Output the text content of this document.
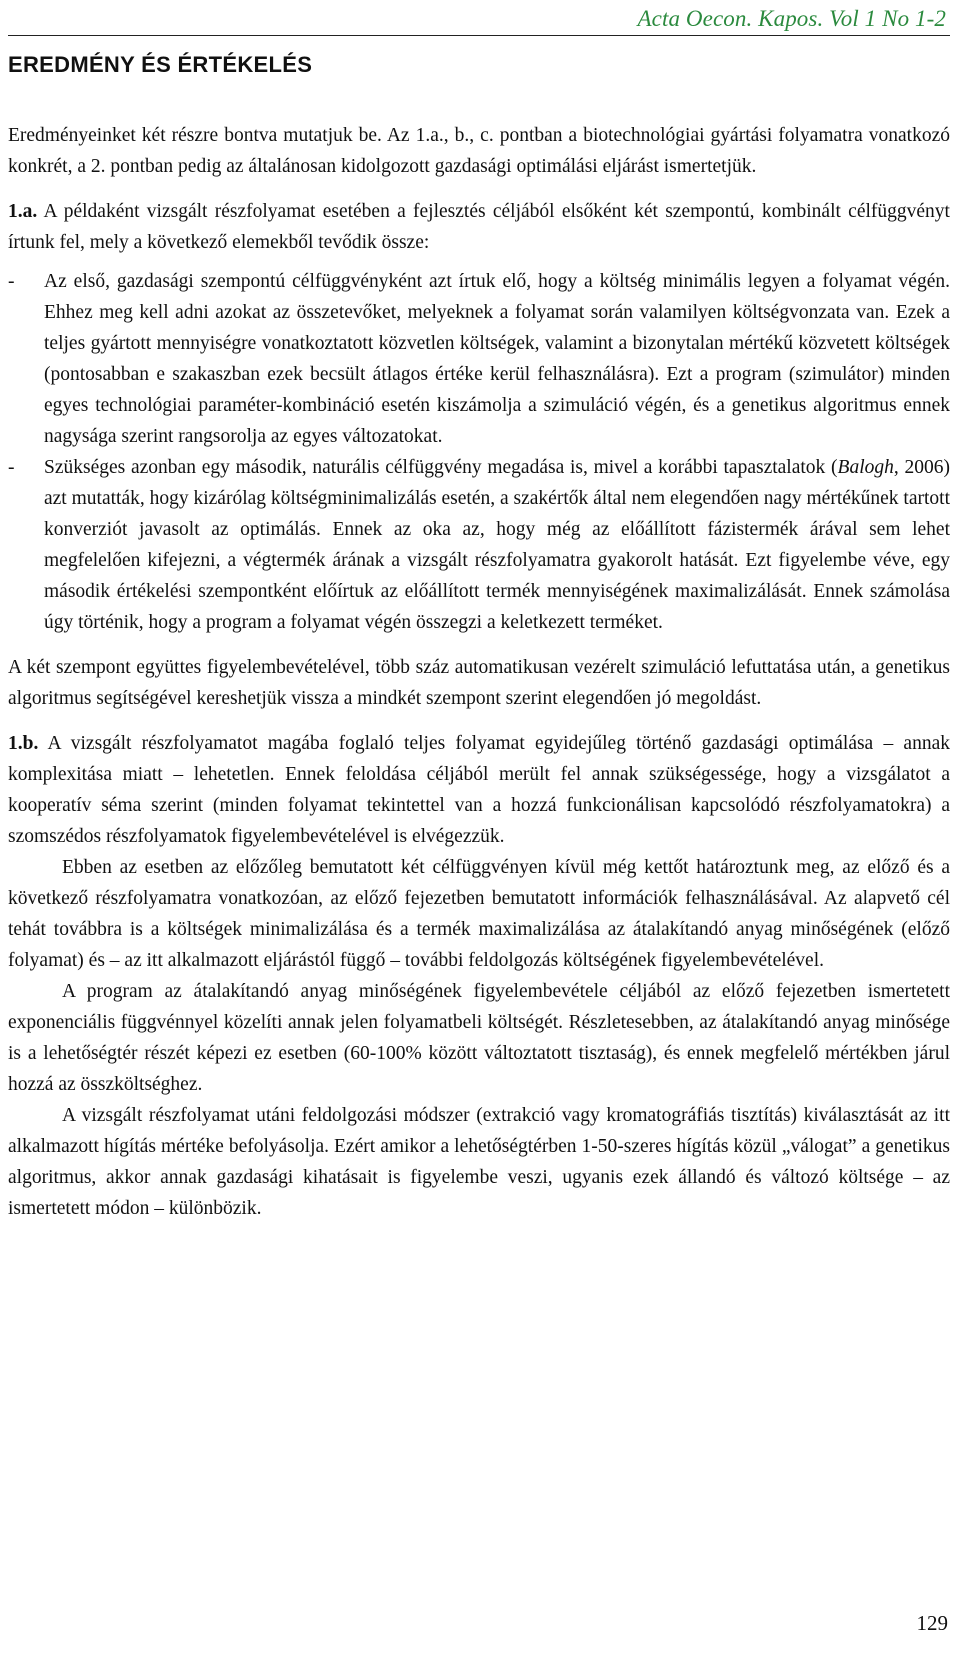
Acta Oecon. Kapos. Vol 1 No 1-2
EREDMÉNY ÉS ÉRTÉKELÉS

Eredményeinket két részre bontva mutatjuk be. Az 1.a., b., c. pontban a biotechnológiai gyártási folyamatra vonatkozó konkrét, a 2. pontban pedig az általánosan kidolgozott gazdasági optimálási eljárást ismertetjük.

1.a. A példaként vizsgált részfolyamat esetében a fejlesztés céljából elsőként két szempontú, kombinált célfüggvényt írtunk fel, mely a következő elemekből tevődik össze:

- Az első, gazdasági szempontú célfüggvényként azt írtuk elő, hogy a költség minimális legyen a folyamat végén. Ehhez meg kell adni azokat az összetevőket, melyeknek a folyamat során valamilyen költségvonzata van. Ezek a teljes gyártott mennyiségre vonatkoztatott közvetlen költségek, valamint a bizonytalan mértékű közvetett költségek (pontosabban e szakaszban ezek becsült átlagos értéke kerül felhasználásra). Ezt a program (szimulátor) minden egyes technológiai paraméter-kombináció esetén kiszámolja a szimuláció végén, és a genetikus algoritmus ennek nagysága szerint rangsorolja az egyes változatokat.

- Szükséges azonban egy második, naturális célfüggvény megadása is, mivel a korábbi tapasztalatok (Balogh, 2006) azt mutatták, hogy kizárólag költségminimalizálás esetén, a szakértők által nem elegendően nagy mértékűnek tartott konverziót javasolt az optimálás. Ennek az oka az, hogy még az előállított fázistermék árával sem lehet megfelelően kifejezni, a végtermék árának a vizsgált részfolyamatra gyakorolt hatását. Ezt figyelembe véve, egy második értékelési szempontként előírtuk az előállított termék mennyiségének maximalizálását. Ennek számolása úgy történik, hogy a program a folyamat végén összegzi a keletkezett terméket.

A két szempont együttes figyelembevételével, több száz automatikusan vezérelt szimuláció lefuttatása után, a genetikus algoritmus segítségével kereshetjük vissza a mindkét szempont szerint elegendően jó megoldást.

1.b. A vizsgált részfolyamatot magába foglaló teljes folyamat egyidejűleg történő gazdasági optimálása – annak komplexitása miatt – lehetetlen. Ennek feloldása céljából merült fel annak szükségessége, hogy a vizsgálatot a kooperatív séma szerint (minden folyamat tekintettel van a hozzá funkcionálisan kapcsolódó részfolyamatokra) a szomszédos részfolyamatok figyelembevételével is elvégezzük.

Ebben az esetben az előzőleg bemutatott két célfüggvényen kívül még kettőt határoztunk meg, az előző és a következő részfolyamatra vonatkozóan, az előző fejezetben bemutatott információk felhasználásával. Az alapvető cél tehát továbbra is a költségek minimalizálása és a termék maximalizálása az átalakítandó anyag minőségének (előző folyamat) és – az itt alkalmazott eljárástól függő – további feldolgozás költségének figyelembevételével.

A program az átalakítandó anyag minőségének figyelembevétele céljából az előző fejezetben ismertetett exponenciális függvénnyel közelíti annak jelen folyamatbeli költségét. Részletesebben, az átalakítandó anyag minősége is a lehetőségtér részét képezi ez esetben (60-100% között változtatott tisztaság), és ennek megfelelő mértékben járul hozzá az összköltséghez.

A vizsgált részfolyamat utáni feldolgozási módszer (extrakció vagy kromatográfiás tisztítás) kiválasztását az itt alkalmazott hígítás mértéke befolyásolja. Ezért amikor a lehetőségtérben 1-50-szeres hígítás közül „válogat” a genetikus algoritmus, akkor annak gazdasági kihatásait is figyelembe veszi, ugyanis ezek állandó és változó költsége – az ismertetett módon – különbözik.

129
